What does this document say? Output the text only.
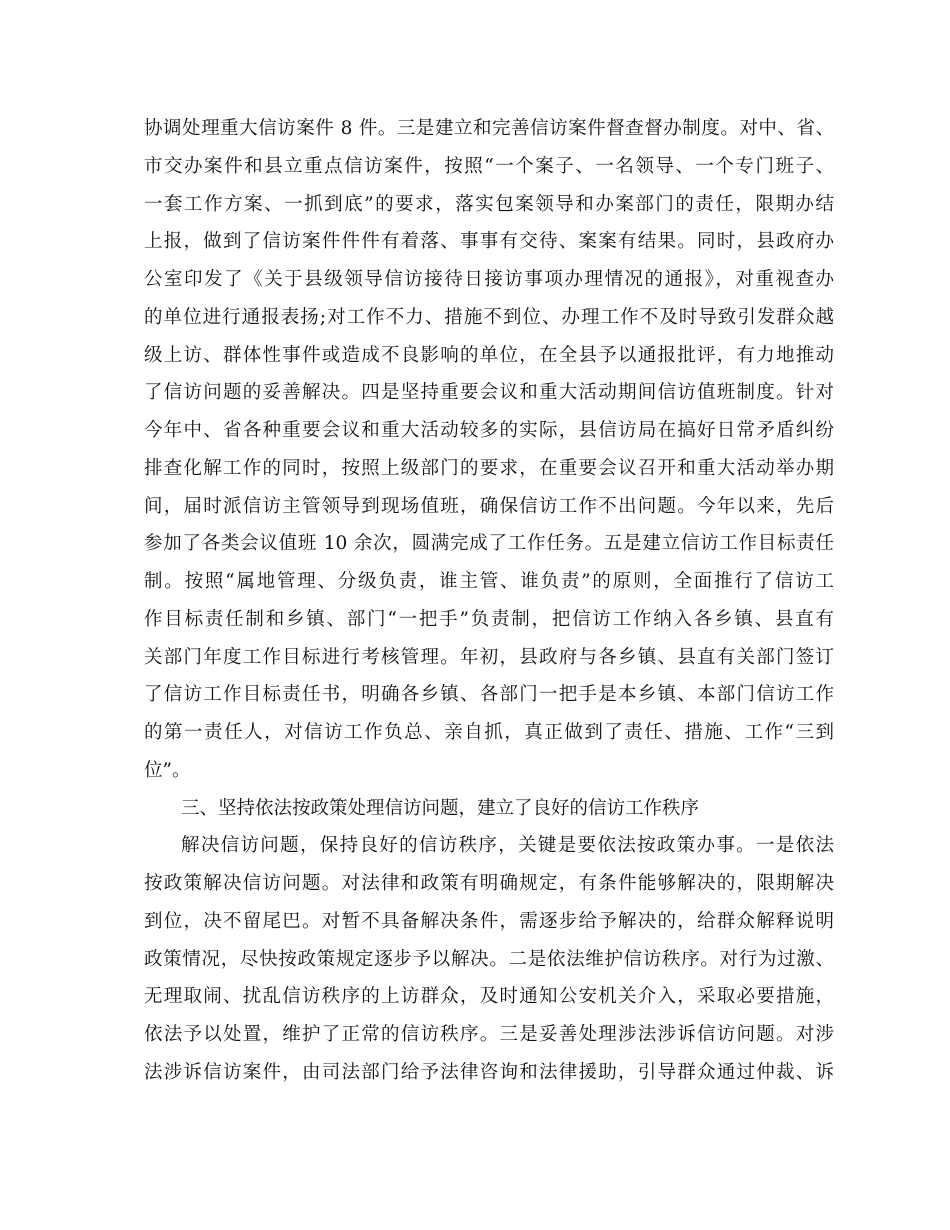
协调处理重大信访案件 8 件。三是建立和完善信访案件督查督办制度。对中、省、
市交办案件和县立重点信访案件，按照“一个案子、一名领导、一个专门班子、
一套工作方案、一抓到底”的要求，落实包案领导和办案部门的责任，限期办结
上报，做到了信访案件件件有着落、事事有交待、案案有结果。同时，县政府办
公室印发了《关于县级领导信访接待日接访事项办理情况的通报》，对重视查办
的单位进行通报表扬;对工作不力、措施不到位、办理工作不及时导致引发群众越
级上访、群体性事件或造成不良影响的单位，在全县予以通报批评，有力地推动
了信访问题的妥善解决。四是坚持重要会议和重大活动期间信访值班制度。针对
今年中、省各种重要会议和重大活动较多的实际，县信访局在搞好日常矛盾纠纷
排查化解工作的同时，按照上级部门的要求，在重要会议召开和重大活动举办期
间，届时派信访主管领导到现场值班，确保信访工作不出问题。今年以来，先后
参加了各类会议值班 10 余次，圆满完成了工作任务。五是建立信访工作目标责任
制。按照“属地管理、分级负责，谁主管、谁负责”的原则，全面推行了信访工
作目标责任制和乡镇、部门“一把手”负责制，把信访工作纳入各乡镇、县直有
关部门年度工作目标进行考核管理。年初，县政府与各乡镇、县直有关部门签订
了信访工作目标责任书，明确各乡镇、各部门一把手是本乡镇、本部门信访工作
的第一责任人，对信访工作负总、亲自抓，真正做到了责任、措施、工作“三到
位”。
三、坚持依法按政策处理信访问题，建立了良好的信访工作秩序
解决信访问题，保持良好的信访秩序，关键是要依法按政策办事。一是依法
按政策解决信访问题。对法律和政策有明确规定，有条件能够解决的，限期解决
到位，决不留尾巴。对暂不具备解决条件，需逐步给予解决的，给群众解释说明
政策情况，尽快按政策规定逐步予以解决。二是依法维护信访秩序。对行为过激、
无理取闹、扰乱信访秩序的上访群众，及时通知公安机关介入，采取必要措施，
依法予以处置，维护了正常的信访秩序。三是妥善处理涉法涉诉信访问题。对涉
法涉诉信访案件，由司法部门给予法律咨询和法律援助，引导群众通过仲裁、诉
